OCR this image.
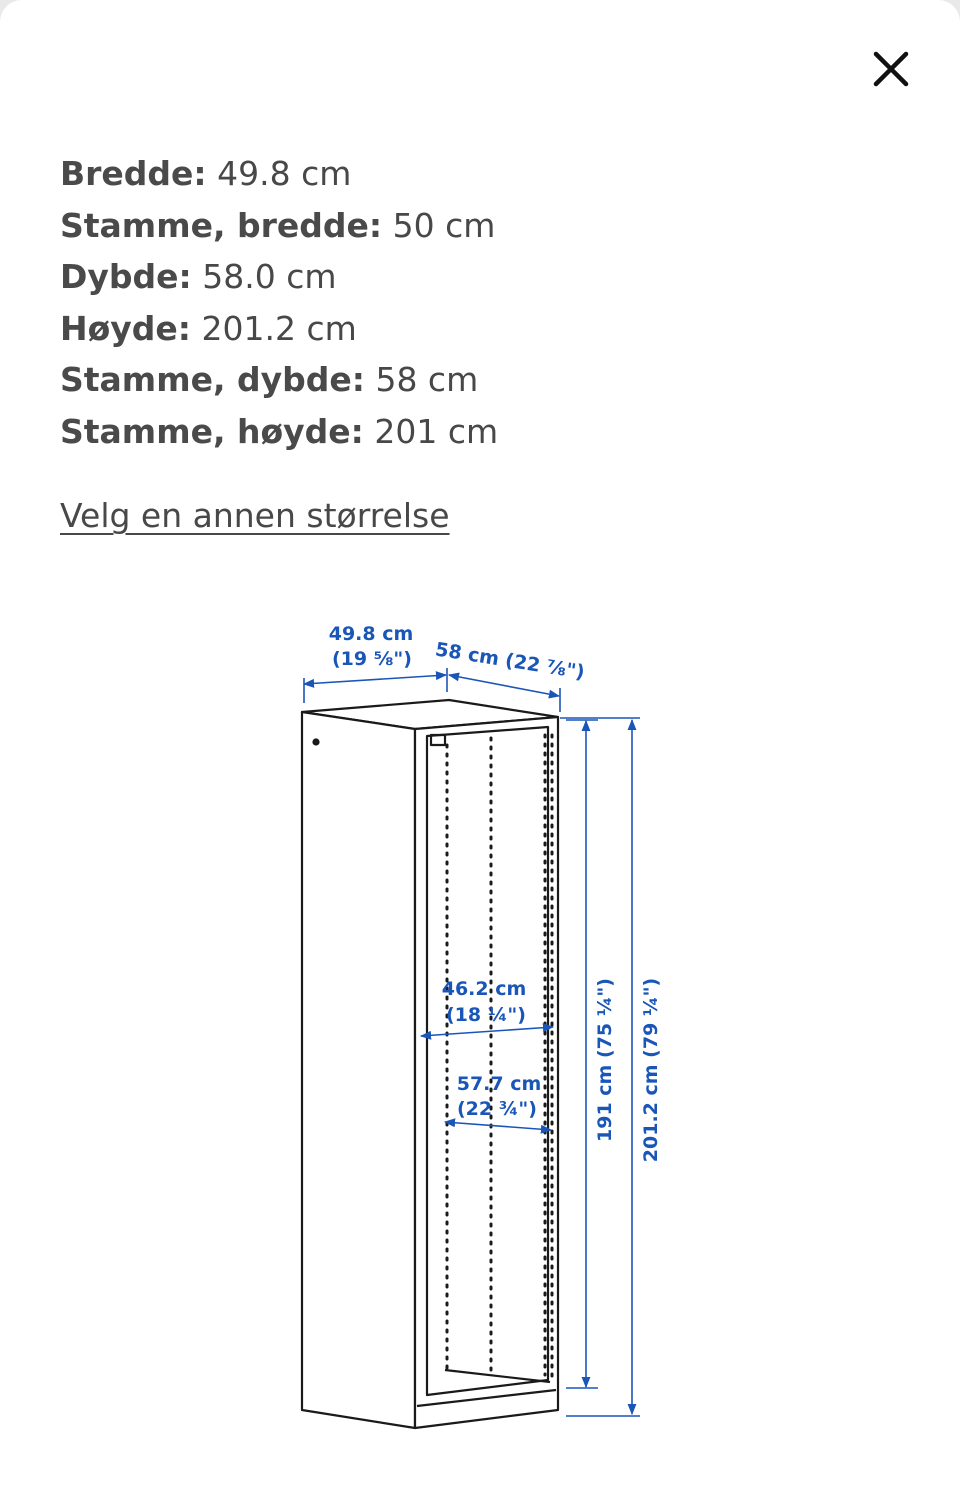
Bredde: 49.8 cm
Stamme, bredde: 50 cm
Dybde: 58.0 cm
Høyde: 201.2 cm
Stamme, dybde: 58 cm
Stamme, høyde: 201 cm
Velg en annen størrelse
49.8 cm
(19 ⅝") 58 cm (22 ⅞")
46.2 cm
(18 ¼")
57.7 cm
(22 ¾")	191 cm (75 ¼") 201.2 cm (79 ¼")
